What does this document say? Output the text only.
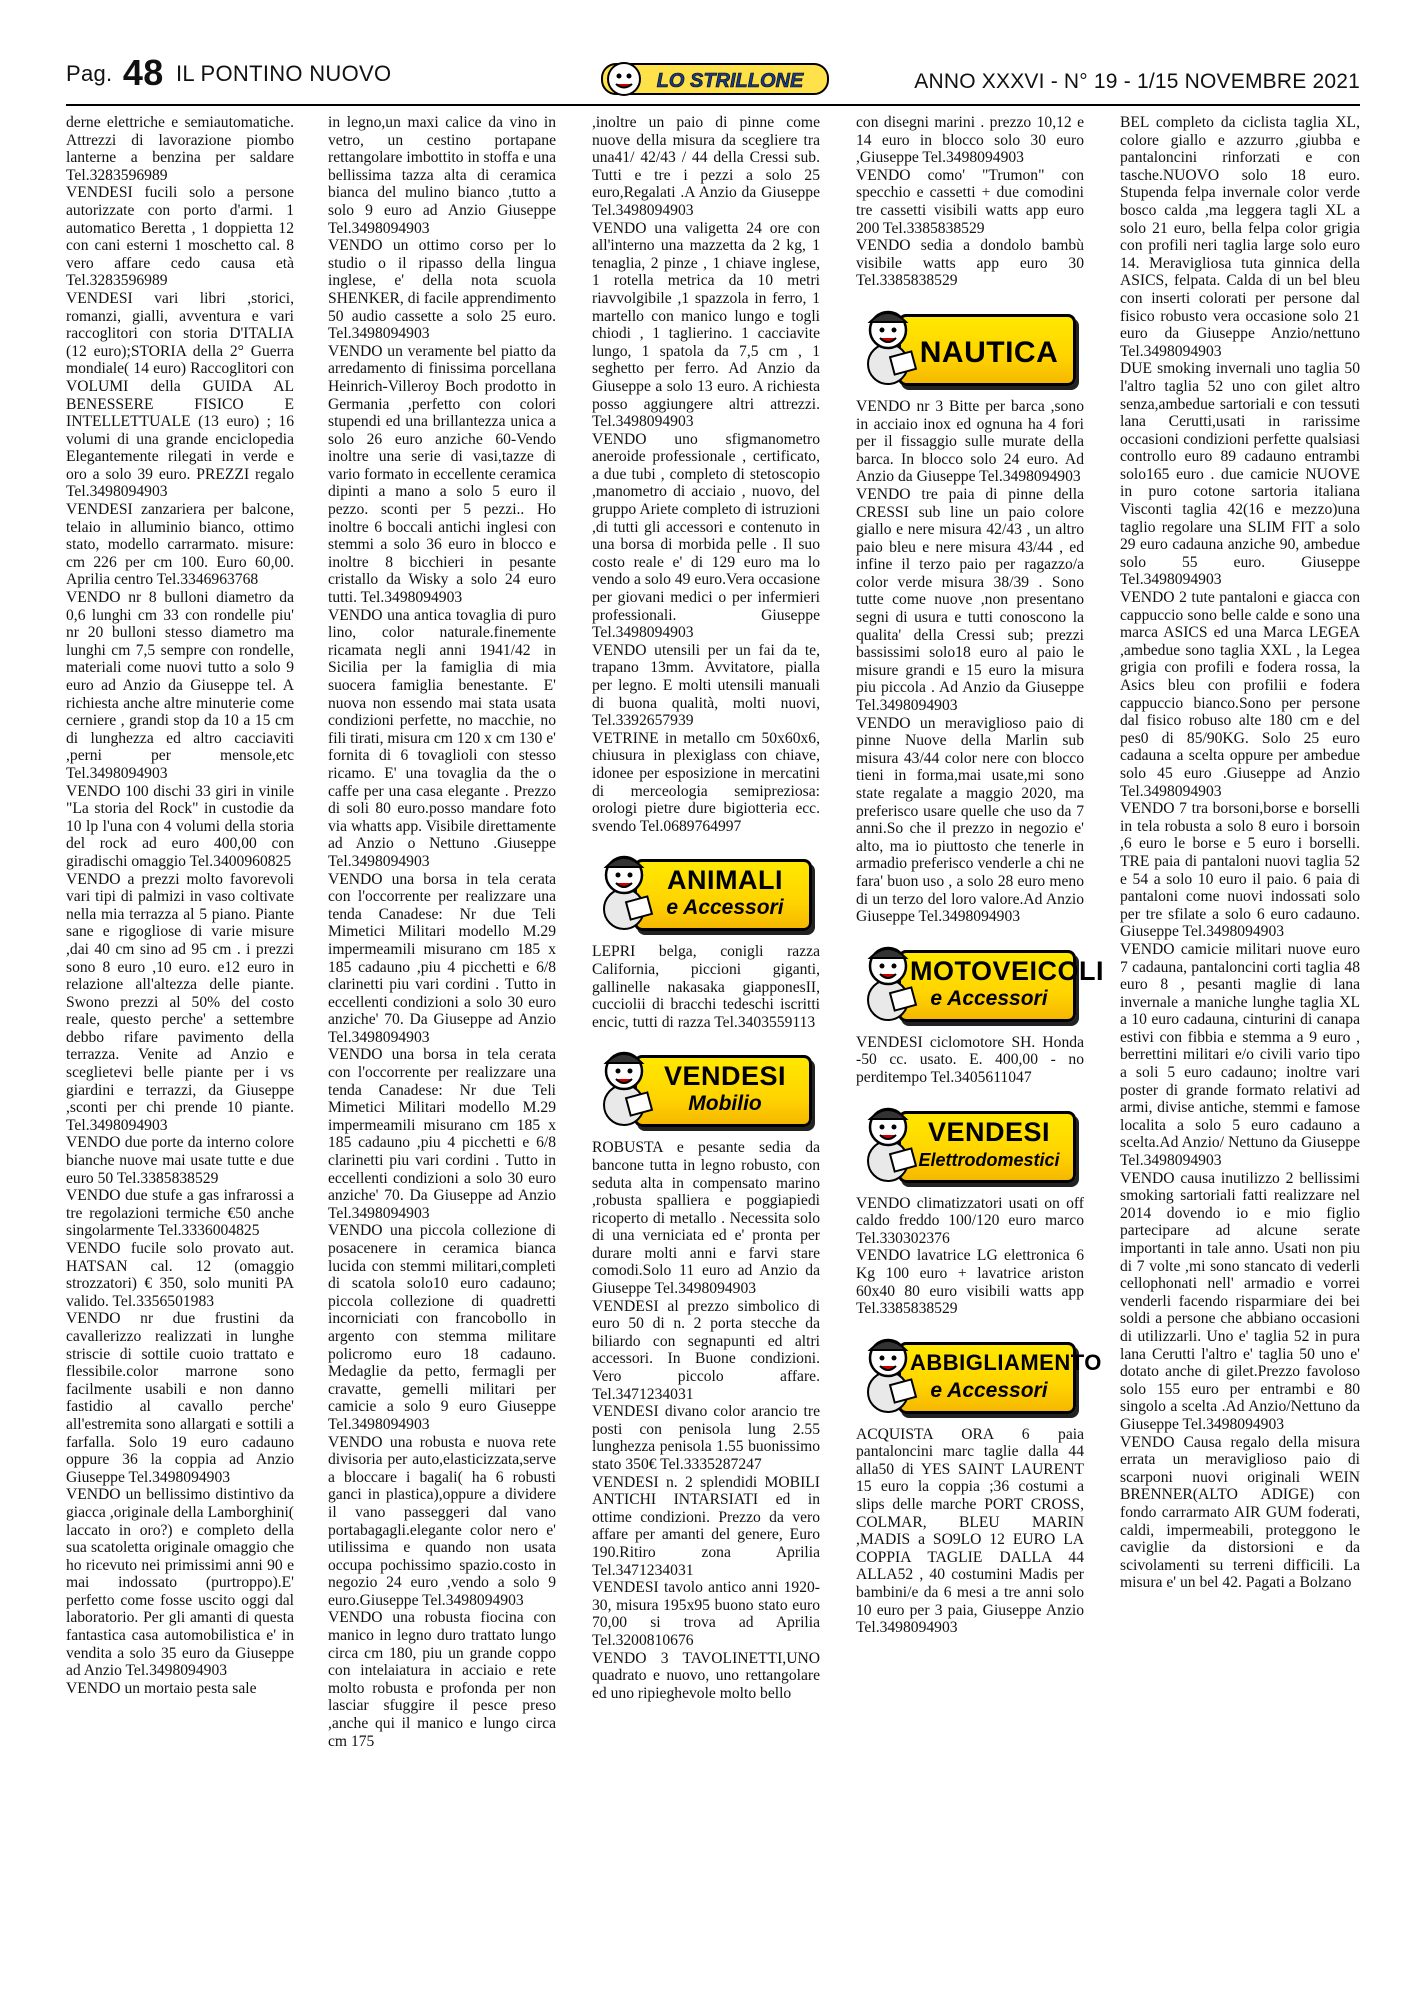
Pag. 48 IL PONTINO NUOVO	LO STRILLONE	ANNO XXXVI - N° 19 - 1/15 NOVEMBRE 2021

derne elettriche e semiautomatiche. Attrezzi di lavorazione piombo lanterne a benzina per saldare Tel.3283596989

VENDESI fucili solo a persone autorizzate con porto d'armi. 1 automatico Beretta , 1 doppietta 12 con cani esterni 1 moschetto cal. 8 vero affare cedo causa età Tel.3283596989

VENDESI vari libri ,storici, romanzi, gialli, avventura e vari raccoglitori con storia D'ITALIA (12 euro);STORIA della 2° Guerra mondiale( 14 euro) Raccoglitori con VOLUMI della GUIDA AL BENESSERE FISICO E INTELLETTUALE (13 euro) ; 16 volumi di una grande enciclopedia Elegantemente rilegati in verde e oro a solo 39 euro. PREZZI regalo Tel.3498094903

VENDESI zanzariera per balcone, telaio in alluminio bianco, ottimo stato, modello carrarmato. misure: cm 226 per cm 100. Euro 60,00. Aprilia centro Tel.3346963768

VENDO nr 8 bulloni diametro da 0,6 lunghi cm 33 con rondelle piu' nr 20 bulloni stesso diametro ma lunghi cm 7,5 sempre con rondelle, materiali come nuovi tutto a solo 9 euro ad Anzio da Giuseppe tel. A richiesta anche altre minuterie come cerniere , grandi stop da 10 a 15 cm di lunghezza ed altro cacciaviti ,perni per mensole,etc Tel.3498094903

VENDO 100 dischi 33 giri in vinile "La storia del Rock" in custodie da 10 lp l'una con 4 volumi della storia del rock ad euro 400,00 con giradischi omaggio Tel.3400960825

VENDO a prezzi molto favorevoli vari tipi di palmizi in vaso coltivate nella mia terrazza al 5 piano. Piante sane e rigogliose di varie misure ,dai 40 cm sino ad 95 cm . i prezzi sono 8 euro ,10 euro. e12 euro in relazione all'altezza delle piante. Swono prezzi al 50% del costo reale, questo perche' a settembre debbo rifare pavimento della terrazza. Venite ad Anzio e sceglietevi belle piante per i vs giardini e terrazzi, da Giuseppe ,sconti per chi prende 10 piante. Tel.3498094903

VENDO due porte da interno colore bianche nuove mai usate tutte e due euro 50 Tel.3385838529

VENDO due stufe a gas infrarossi a tre regolazioni termiche €50 anche singolarmente Tel.3336004825

VENDO fucile solo provato aut. HATSAN cal. 12 (omaggio strozzatori) € 350, solo muniti PA valido. Tel.3356501983

VENDO nr due frustini da cavallerizzo realizzati in lunghe striscie di sottile cuoio trattato e flessibile.color marrone sono facilmente usabili e non danno fastidio al cavallo perche' all'estremita sono allargati e sottili a farfalla. Solo 19 euro cadauno oppure 36 la coppia ad Anzio Giuseppe Tel.3498094903

VENDO un bellissimo distintivo da giacca ,originale della Lamborghini( laccato in oro?) e completo della sua scatoletta originale omaggio che ho ricevuto nei primissimi anni 90 e mai indossato (purtroppo).E' perfetto come fosse uscito oggi dal laboratorio. Per gli amanti di questa fantastica casa automobilistica e' in vendita a solo 35 euro da Giuseppe ad Anzio Tel.3498094903

VENDO un mortaio pesta sale

in legno,un maxi calice da vino in vetro, un cestino portapane rettangolare imbottito in stoffa e una bellissima tazza alta di ceramica bianca del mulino bianco ,tutto a solo 9 euro ad Anzio Giuseppe Tel.3498094903

VENDO un ottimo corso per lo studio o il ripasso della lingua inglese, e' della nota scuola SHENKER, di facile apprendimento 50 audio cassette a solo 25 euro. Tel.3498094903

VENDO un veramente bel piatto da arredamento di finissima porcellana Heinrich-Villeroy Boch prodotto in Germania ,perfetto con colori stupendi ed una brillantezza unica a solo 26 euro anziche 60-Vendo inoltre una serie di vasi,tazze di vario formato in eccellente ceramica dipinti a mano a solo 5 euro il pezzo. sconti per 5 pezzi.. Ho inoltre 6 boccali antichi inglesi con stemmi a solo 36 euro in blocco e inoltre 8 bicchieri in pesante cristallo da Wisky a solo 24 euro tutti. Tel.3498094903

VENDO una antica tovaglia di puro lino, color naturale.finemente ricamata negli anni 1941/42 in Sicilia per la famiglia di mia suocera famiglia benestante. E' nuova non essendo mai stata usata condizioni perfette, no macchie, no fili tirati, misura cm 120 x cm 130 e' fornita di 6 tovaglioli con stesso ricamo. E' una tovaglia da the o caffe per una casa elegante . Prezzo di soli 80 euro.posso mandare foto via whatts app. Visibile direttamente ad Anzio o Nettuno .Giuseppe Tel.3498094903

VENDO una borsa in tela cerata con l'occorrente per realizzare una tenda Canadese: Nr due Teli Mimetici Militari modello M.29 impermeamili misurano cm 185 x 185 cadauno ,piu 4 picchetti e 6/8 clarinetti piu vari cordini . Tutto in eccellenti condizioni a solo 30 euro anziche' 70. Da Giuseppe ad Anzio Tel.3498094903

VENDO una borsa in tela cerata con l'occorrente per realizzare una tenda Canadese: Nr due Teli Mimetici Militari modello M.29 impermeamili misurano cm 185 x 185 cadauno ,piu 4 picchetti e 6/8 clarinetti piu vari cordini . Tutto in eccellenti condizioni a solo 30 euro anziche' 70. Da Giuseppe ad Anzio Tel.3498094903

VENDO una piccola collezione di posacenere in ceramica bianca lucida con stemmi militari,completi di scatola solo10 euro cadauno; piccola collezione di quadretti incorniciati con francobollo in argento con stemma militare policromo euro 18 cadauno. Medaglie da petto, fermagli per cravatte, gemelli militari per camicie a solo 9 euro Giuseppe Tel.3498094903

VENDO una robusta e nuova rete divisoria per auto,elasticizzata,serve a bloccare i bagali( ha 6 robusti ganci in plastica),oppure a dividere il vano passeggeri dal vano portabagagli.elegante color nero e' utilissima e quando non usata occupa pochissimo spazio.costo in negozio 24 euro ,vendo a solo 9 euro.Giuseppe Tel.3498094903

VENDO una robusta fiocina con manico in legno duro trattato lungo circa cm 180, piu un grande coppo con intelaiatura in acciaio e rete molto robusta e profonda per non lasciar sfuggire il pesce preso ,anche qui il manico e lungo circa cm 175

,inoltre un paio di pinne come nuove della misura da scegliere tra una41/ 42/43 / 44 della Cressi sub. Tutti e tre i pezzi a solo 25 euro,Regalati .A Anzio da Giuseppe Tel.3498094903

VENDO una valigetta 24 ore con all'interno una mazzetta da 2 kg, 1 tenaglia, 2 pinze , 1 chiave inglese, 1 rotella metrica da 10 metri riavvolgibile ,1 spazzola in ferro, 1 martello con manico lungo e togli chiodi , 1 taglierino. 1 cacciavite lungo, 1 spatola da 7,5 cm , 1 seghetto per ferro. Ad Anzio da Giuseppe a solo 13 euro. A richiesta posso aggiungere altri attrezzi. Tel.3498094903

VENDO uno sfigmanometro aneroide professionale , certificato, a due tubi , completo di stetoscopio ,manometro di acciaio , nuovo, del gruppo Ariete completo di istruzioni ,di tutti gli accessori e contenuto in una borsa di morbida pelle . Il suo costo reale e' di 129 euro ma lo vendo a solo 49 euro.Vera occasione per giovani medici o per infermieri professionali. Giuseppe Tel.3498094903

VENDO utensili per un fai da te, trapano 13mm. Avvitatore, pialla per legno. E molti utensili manuali di buona qualità, molti nuovi, Tel.3392657939

VETRINE in metallo cm 50x60x6, chiusura in plexiglass con chiave, idonee per esposizione in mercatini di merceologia semipreziosa: orologi pietre dure bigiotteria ecc. svendo Tel.0689764997

ANIMALI
e Accessori

LEPRI belga, conigli razza California, piccioni giganti, gallinelle nakasaka giapponesII, cucciolii di bracchi tedeschi iscritti encic, tutti di razza Tel.3403559113

VENDESI
Mobilio

ROBUSTA e pesante sedia da bancone tutta in legno robusto, con seduta alta in compensato marino ,robusta spalliera e poggiapiedi ricoperto di metallo . Necessita solo di una verniciata ed e' pronta per durare molti anni e farvi stare comodi.Solo 11 euro ad Anzio da Giuseppe Tel.3498094903

VENDESI al prezzo simbolico di euro 50 di n. 2 porta stecche da biliardo con segnapunti ed altri accessori. In Buone condizioni. Vero piccolo affare. Tel.3471234031

VENDESI divano color arancio tre posti con penisola lung 2.55 lunghezza penisola 1.55 buonissimo stato 350€ Tel.3335287247

VENDESI n. 2 splendidi MOBILI ANTICHI INTARSIATI ed in ottime condizioni. Prezzo da vero affare per amanti del genere, Euro 190.Ritiro zona Aprilia Tel.3471234031

VENDESI tavolo antico anni 1920-30, misura 195x95 buono stato euro 70,00 si trova ad Aprilia Tel.3200810676

VENDO 3 TAVOLINETTI,UNO quadrato e nuovo, uno rettangolare ed uno ripieghevole molto bello

con disegni marini . prezzo 10,12 e 14 euro in blocco solo 30 euro ,Giuseppe Tel.3498094903

VENDO como' "Trumon" con specchio e cassetti + due comodini tre cassetti visibili watts app euro 200 Tel.3385838529

VENDO sedia a dondolo bambù visibile watts app euro 30 Tel.3385838529

NAUTICA

VENDO nr 3 Bitte per barca ,sono in acciaio inox ed ognuna ha 4 fori per il fissaggio sulle murate della barca. In blocco solo 24 euro. Ad Anzio da Giuseppe Tel.3498094903

VENDO tre paia di pinne della CRESSI sub line un paio colore giallo e nere misura 42/43 , un altro paio bleu e nere misura 43/44 , ed infine il terzo paio per ragazzo/a color verde misura 38/39 . Sono tutte come nuove ,non presentano segni di usura e tutti conoscono la qualita' della Cressi sub; prezzi bassissimi solo18 euro al paio le misure grandi e 15 euro la misura piu piccola . Ad Anzio da Giuseppe Tel.3498094903

VENDO un meraviglioso paio di pinne Nuove della Marlin sub misura 43/44 color nere con blocco tieni in forma,mai usate,mi sono state regalate a maggio 2020, ma preferisco usare quelle che uso da 7 anni.So che il prezzo in negozio e' alto, ma io piuttosto che tenerle in armadio preferisco venderle a chi ne fara' buon uso , a solo 28 euro meno di un terzo del loro valore.Ad Anzio Giuseppe Tel.3498094903

MOTOVEICOLI
e Accessori

VENDESI ciclomotore SH. Honda -50 cc. usato. E. 400,00 - no perditempo Tel.3405611047

VENDESI
Elettrodomestici

VENDO climatizzatori usati on off caldo freddo 100/120 euro marco Tel.330302376

VENDO lavatrice LG elettronica 6 Kg 100 euro + lavatrice ariston 60x40 80 euro visibili watts app Tel.3385838529

ABBIGLIAMENTO
e Accessori

ACQUISTA ORA 6 paia pantaloncini marc taglie dalla 44 alla50 di YES SAINT LAURENT 15 euro la coppia ;36 costumi a slips delle marche PORT CROSS, COLMAR, BLEU MARIN ,MADIS a SO9LO 12 EURO LA COPPIA TAGLIE DALLA 44 ALLA52 , 40 costumini Madis per bambini/e da 6 mesi a tre anni solo 10 euro per 3 paia, Giuseppe Anzio Tel.3498094903

BEL completo da ciclista taglia XL, colore giallo e azzurro ,giubba e pantaloncini rinforzati e con tasche.NUOVO solo 18 euro. Stupenda felpa invernale color verde bosco calda ,ma leggera tagli XL a solo 21 euro, bella felpa color grigia con profili neri taglia large solo euro 14. Meravigliosa tuta ginnica della ASICS, felpata. Calda di un bel bleu con inserti colorati per persone dal fisico robusto vera occasione solo 21 euro da Giuseppe Anzio/nettuno Tel.3498094903

DUE smoking invernali uno taglia 50 l'altro taglia 52 uno con gilet altro senza,ambedue sartoriali e con tessuti lana Cerutti,usati in rarissime occasioni condizioni perfette qualsiasi controllo euro 89 cadauno entrambi solo165 euro . due camicie NUOVE in puro cotone sartoria italiana Visconti taglia 42(16 e mezzo)una taglio regolare una SLIM FIT a solo 29 euro cadauna anziche 90, ambedue solo 55 euro. Giuseppe Tel.3498094903

VENDO 2 tute pantaloni e giacca con cappuccio sono belle calde e sono una marca ASICS ed una Marca LEGEA ,ambedue sono taglia XXL , la Legea grigia con profili e fodera rossa, la Asics bleu con profilii e fodera cappuccio bianco.Sono per persone dal fisico robuso alte 180 cm e del pes0 di 85/90KG. Solo 25 euro cadauna a scelta oppure per ambedue solo 45 euro .Giuseppe ad Anzio Tel.3498094903

VENDO 7 tra borsoni,borse e borselli in tela robusta a solo 8 euro i borsoin ,6 euro le borse e 5 euro i borselli. TRE paia di pantaloni nuovi taglia 52 e 54 a solo 10 euro il paio. 6 paia di pantaloni come nuovi indossati solo per tre sfilate a solo 6 euro cadauno. Giuseppe Tel.3498094903

VENDO camicie militari nuove euro 7 cadauna, pantaloncini corti taglia 48 euro 8 , pesanti maglie di lana invernale a maniche lunghe taglia XL a 10 euro cadauna, cinturini di canapa estivi con fibbia e stemma a 9 euro , berrettini militari e/o civili vario tipo a soli 5 euro cadauno; inoltre vari poster di grande formato relativi ad armi, divise antiche, stemmi e famose localita a solo 5 euro cadauno a scelta.Ad Anzio/ Nettuno da Giuseppe Tel.3498094903

VENDO causa inutilizzo 2 bellissimi smoking sartoriali fatti realizzare nel 2014 dovendo io e mio figlio partecipare ad alcune serate importanti in tale anno. Usati non piu di 7 volte ,mi sono stancato di vederli cellophonati nell' armadio e vorrei venderli facendo risparmiare dei bei soldi a persone che abbiano occasioni di utilizzarli. Uno e' taglia 52 in pura lana Cerutti l'altro e' taglia 50 uno e' dotato anche di gilet.Prezzo favoloso solo 155 euro per entrambi e 80 singolo a scelta .Ad Anzio/Nettuno da Giuseppe Tel.3498094903

VENDO Causa regalo della misura errata un meraviglioso paio di scarponi nuovi originali WEIN BRENNER(ALTO ADIGE) con fondo carrarmato AIR GUM foderati, caldi, impermeabili, proteggono le caviglie da distorsioni e da scivolamenti su terreni difficili. La misura e' un bel 42. Pagati a Bolzano
